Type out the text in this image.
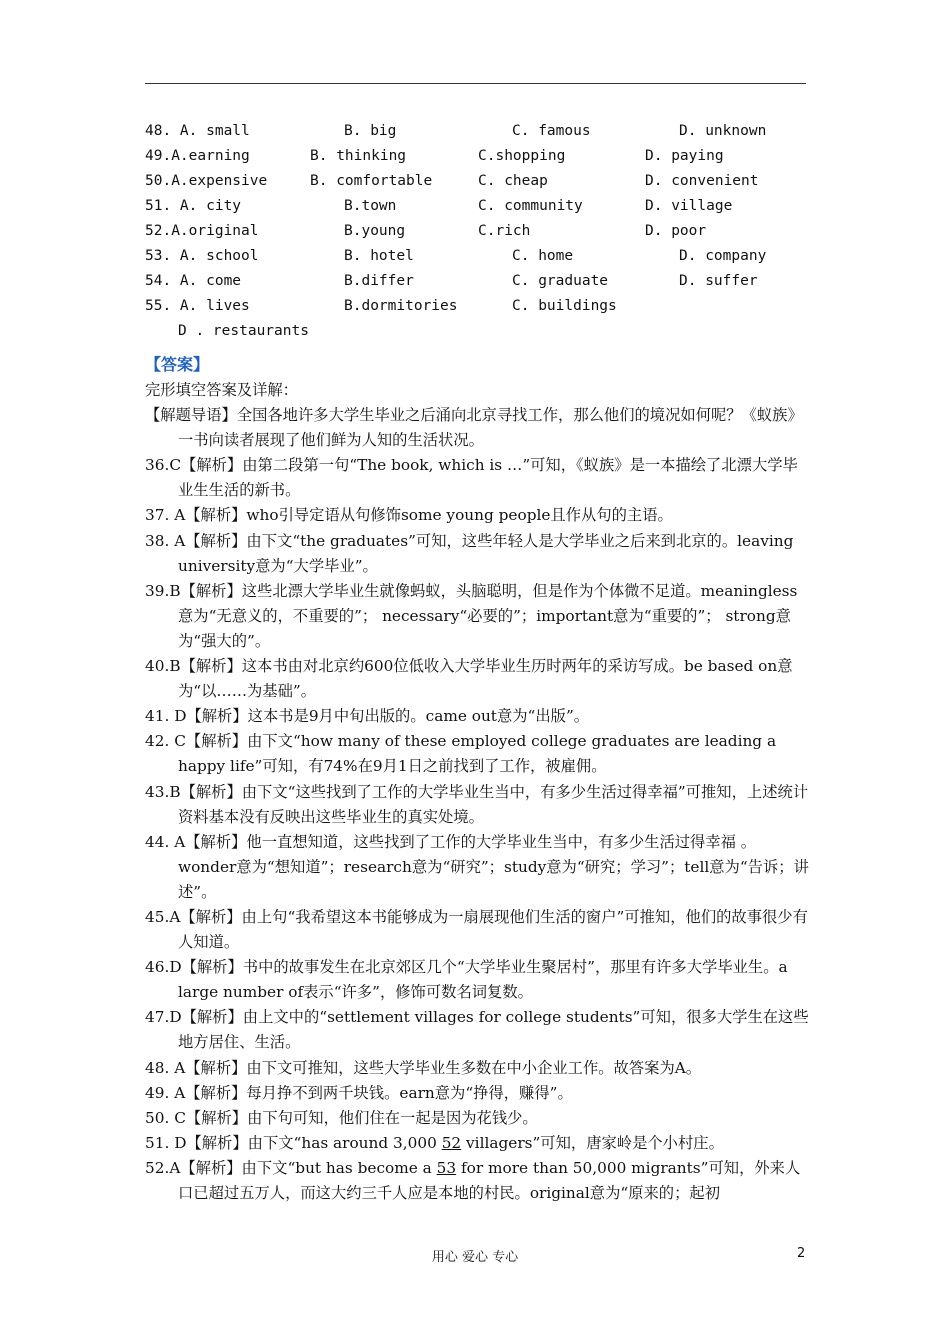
48. A. small	B. big	C. famous	D. unknown
49.A.earning	B. thinking	C.shopping	D. paying
50.A.expensive	B. comfortable	C. cheap	D. convenient
51. A. city	B.town	C. community	D. village
52.A.original	B.young	C.rich	D. poor
53. A. school	B. hotel	C. home	D. company
54. A. come	B.differ	C. graduate	D. suffer
55. A. lives	B.dormitories	C. buildings
D . restaurants
【答案】

完形填空答案及详解：

【解题导语】全国各地许多大学生毕业之后涌向北京寻找工作，那么他们的境况如何呢？《蚁族》一书向读者展现了他们鲜为人知的生活状况。

36.C【解析】由第二段第一句“The book, which is …”可知，《蚁族》是一本描绘了北漂大学毕业生生活的新书。

37. A【解析】who引导定语从句修饰some young people且作从句的主语。

38. A【解析】由下文“the graduates”可知，这些年轻人是大学毕业之后来到北京的。leaving university意为“大学毕业”。

39.B【解析】这些北漂大学毕业生就像蚂蚁，头脑聪明，但是作为个体微不足道。meaningless意为“无意义的，不重要的”； necessary“必要的”；important意为“重要的”； strong意为“强大的”。

40.B【解析】这本书由对北京约600位低收入大学毕业生历时两年的采访写成。be based on意为“以……为基础”。

41. D【解析】这本书是9月中旬出版的。came out意为“出版”。

42. C【解析】由下文“how many of these employed college graduates are leading a happy life”可知，有74%在9月1日之前找到了工作，被雇佣。

43.B【解析】由下文“这些找到了工作的大学毕业生当中，有多少生活过得幸福”可推知，上述统计资料基本没有反映出这些毕业生的真实处境。

44. A【解析】他一直想知道，这些找到了工作的大学毕业生当中，有多少生活过得幸福 。wonder意为“想知道”；research意为“研究”；study意为“研究；学习”；tell意为“告诉；讲述”。

45.A【解析】由上句“我希望这本书能够成为一扇展现他们生活的窗户”可推知，他们的故事很少有人知道。

46.D【解析】书中的故事发生在北京郊区几个“大学毕业生聚居村”，那里有许多大学毕业生。a large number of表示“许多”，修饰可数名词复数。

47.D【解析】由上文中的“settlement villages for college students”可知，很多大学生在这些地方居住、生活。

48. A【解析】由下文可推知，这些大学毕业生多数在中小企业工作。故答案为A。

49. A【解析】每月挣不到两千块钱。earn意为“挣得，赚得”。

50. C【解析】由下句可知，他们住在一起是因为花钱少。

51. D【解析】由下文“has around 3,000 52 villagers”可知，唐家岭是个小村庄。

52.A【解析】由下文“but has become a 53 for more than 50,000 migrants”可知，外来人口已超过五万人，而这大约三千人应是本地的村民。original意为“原来的；起初

用心 爱心 专心	2
